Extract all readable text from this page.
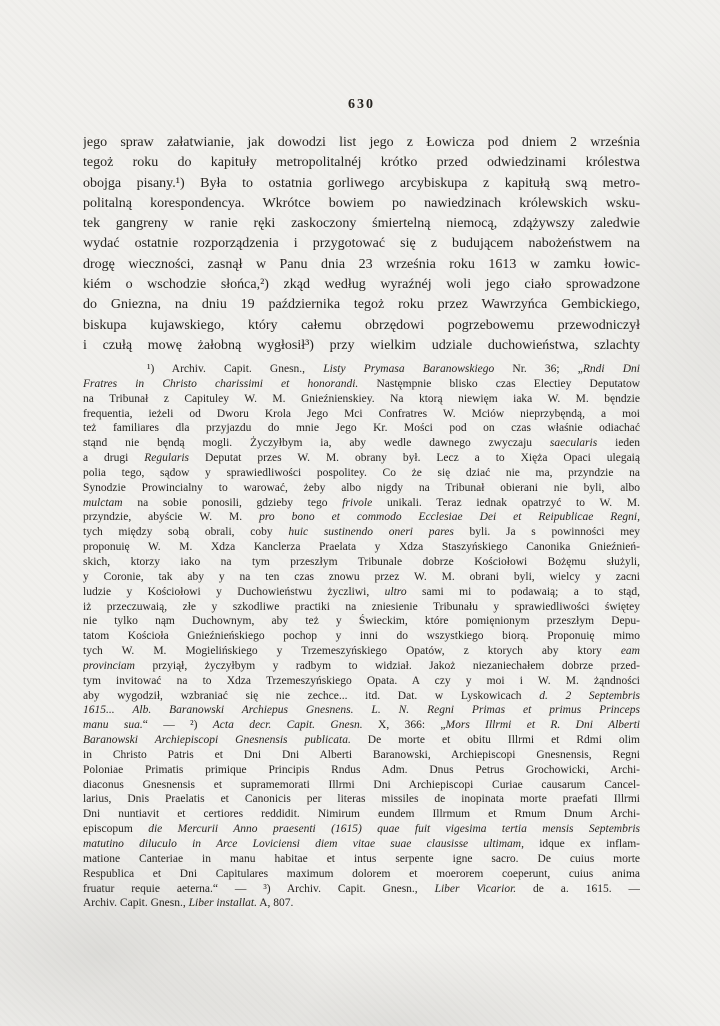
630
jego spraw załatwianie, jak dowodzi list jego z Łowicza pod dniem 2 września
tegoż roku do kapituły metropolitalnéj krótko przed odwiedzinami królestwa
obojga pisany.¹) Była to ostatnia gorliwego arcybiskupa z kapitułą swą metro-
politalną korespondencya. Wkrótce bowiem po nawiedzinach królewskich wsku-
tek gangreny w ranie ręki zaskoczony śmiertelną niemocą, zdążywszy zaledwie
wydać ostatnie rozporządzenia i przygotować się z budującem nabożeństwem na
drogę wieczności, zasnął w Panu dnia 23 września roku 1613 w zamku łowic-
kiém o wschodzie słońca,²) zkąd według wyraźnéj woli jego ciało sprowadzone
do Gniezna, na dniu 19 października tegoż roku przez Wawrzyńca Gembickiego,
biskupa kujawskiego, który całemu obrzędowi pogrzebowemu przewodniczył
i czułą mowę żałobną wygłosił³) przy wielkim udziale duchowieństwa, szlachty
¹) Archiv. Capit. Gnesn., Listy Prymasa Baranowskiego Nr. 36; „Rndi Dni
Fratres in Christo charissimi et honorandi. Nastęmpnie blisko czas Electiey Deputatow
na Tribunał z Capituley W. M. Gnieźnienskiey. Na ktorą niewięm iaka W. M. bęndzie
frequentia, ieżeli od Dworu Krola Jego Mci Confratres W. Mciów nieprzybęndą, a moi
też familiares dla przyjazdu do mnie Jego Kr. Mości pod on czas właśnie odiachać
stąnd nie bęndą mogli. Życzyłbym ia, aby wedle dawnego zwyczaju saecularis ieden
a drugi Regularis Deputat przes W. M. obrany był. Lecz a to Xięża Opaci ulegaią
polia tego, sądow y sprawiedliwości pospolitey. Co że się dziać nie ma, przyndzie na
Synodzie Prowincialny to warować, żeby albo nigdy na Tribunał obierani nie byli, albo
mulctam na sobie ponosili, gdzieby tego frivole unikali. Teraz iednak opatrzyć to W. M.
przyndzie, abyście W. M. pro bono et commodo Ecclesiae Dei et Reipublicae Regni,
tych między sobą obrali, coby huic sustinendo oneri pares byli. Ja s powinności mey
proponuię W. M. Xdza Kanclerza Praelata y Xdza Staszyńskiego Canonika Gnieźnień-
skich, ktorzy iako na tym przeszłym Tribunale dobrze Kościołowi Bożęmu służyli,
y Coronie, tak aby y na ten czas znowu przez W. M. obrani byli, wielcy y zacni
ludzie y Kościołowi y Duchowieństwu życzliwi, ultro sami mi to podawaią; a to stąd,
iż przeczuwaią, złe y szkodliwe practiki na zniesienie Tribunału y sprawiedliwości świętey
nie tylko nąm Duchownym, aby też y Świeckim, które pomięnionym przeszłym Depu-
tatom Kościoła Gnieźnieńskiego pochop y inni do wszystkiego biorą. Proponuię mimo
tych W. M. Mogielińskiego y Trzemeszyńskiego Opatów, z ktorych aby ktory eam
provinciam przyiął, życzyłbym y radbym to widział. Jakoż niezaniechałem dobrze przed-
tym invitować na to Xdza Trzemeszyńskiego Opata. A czy y moi i W. M. żąndności
aby wygodził, wzbraniać się nie zechce... itd. Dat. w Lyskowicach d. 2 Septembris
1615... Alb. Baranowski Archiepus Gnesnens. L. N. Regni Primas et primus Princeps
manu sua.“ — ²) Acta decr. Capit. Gnesn. X, 366: „Mors Illrmi et R. Dni Alberti
Baranowski Archiepiscopi Gnesnensis publicata. De morte et obitu Illrmi et Rdmi olim
in Christo Patris et Dni Dni Alberti Baranowski, Archiepiscopi Gnesnensis, Regni
Poloniae Primatis primique Principis Rndus Adm. Dnus Petrus Grochowicki, Archi-
diaconus Gnesnensis et supramemorati Illrmi Dni Archiepiscopi Curiae causarum Cancel-
larius, Dnis Praelatis et Canonicis per literas missiles de inopinata morte praefati Illrmi
Dni nuntiavit et certiores reddidit. Nimirum eundem Illrmum et Rmum Dnum Archi-
episcopum die Mercurii Anno praesenti (1615) quae fuit vigesima tertia mensis Septembris
matutino diluculo in Arce Loviciensi diem vitae suae clausisse ultimam, idque ex inflam-
matione Canteriae in manu habitae et intus serpente igne sacro. De cuius morte
Respublica et Dni Capitulares maximum dolorem et moerorem coeperunt, cuius anima
fruatur requie aeterna.“ — ³) Archiv. Capit. Gnesn., Liber Vicarior. de a. 1615. —
Archiv. Capit. Gnesn., Liber installat. A, 807.
